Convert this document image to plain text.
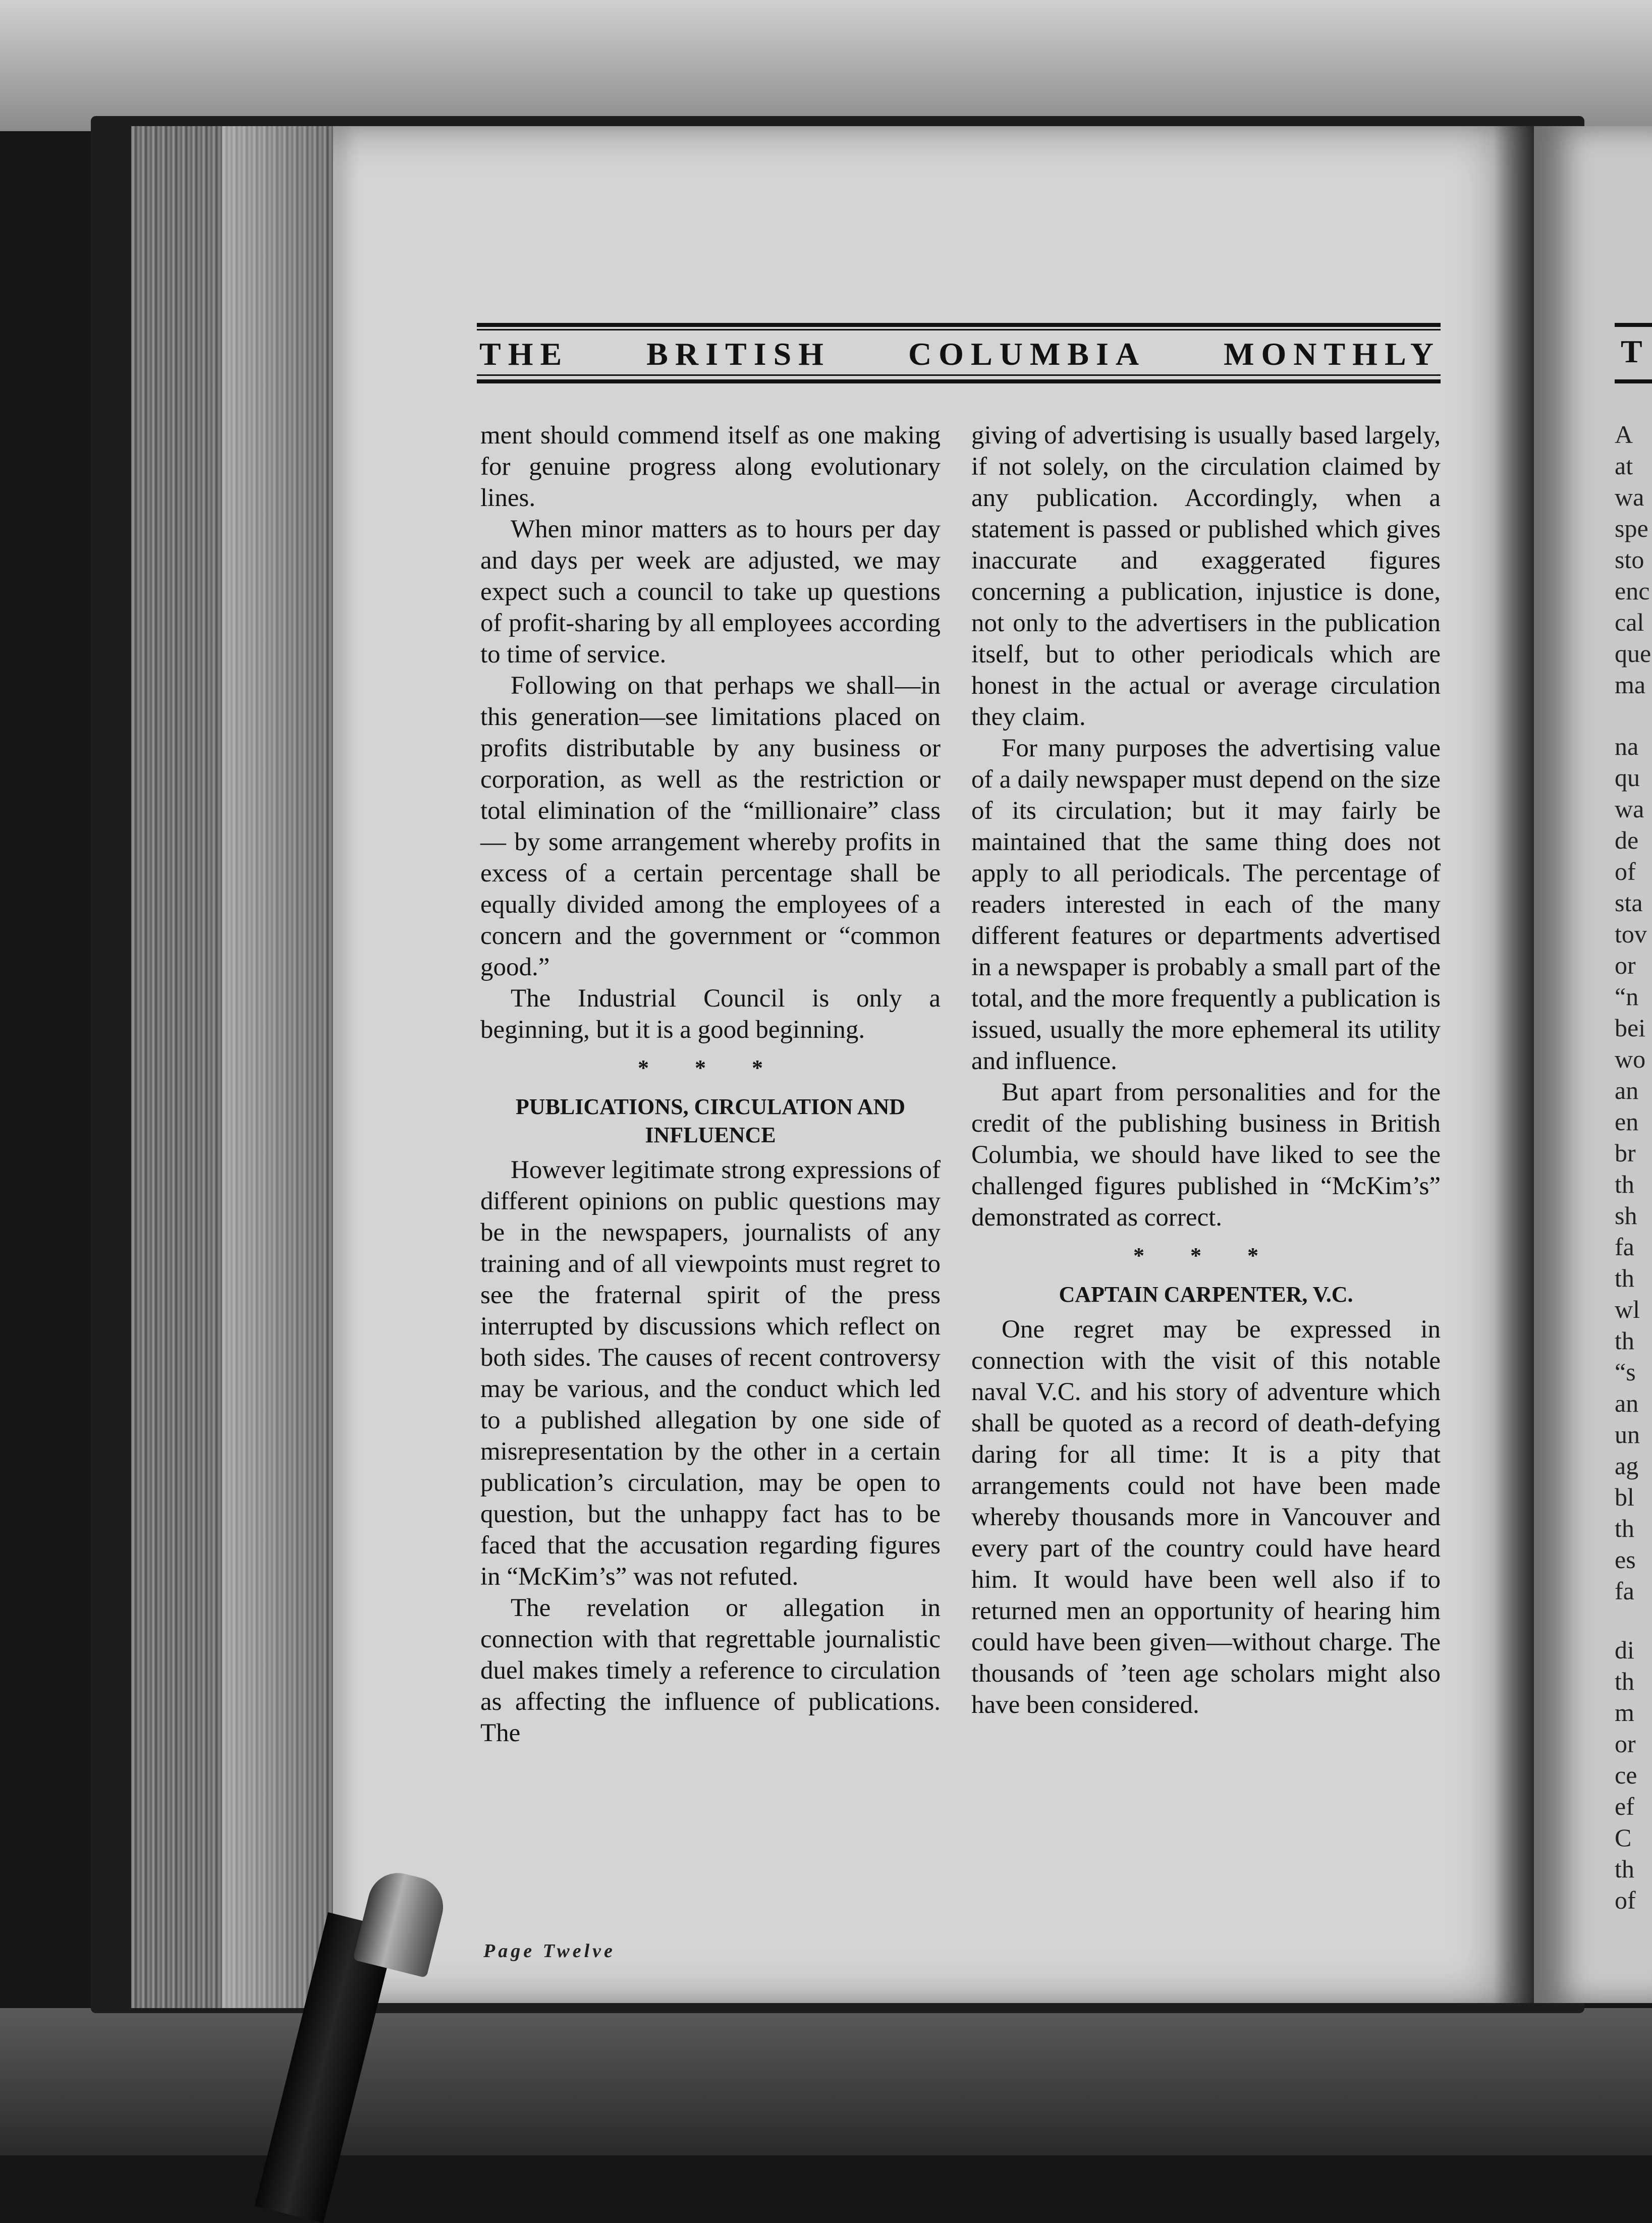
T
A
at
wa
spe
sto
enc
cal
que
ma
na
qu
wa
de
of
sta
tov
or
“n
bei
wo
an
en
br
th
sh
fa
th
wl
th
“s
an
un
ag
bl
th
es
fa
di
th
m
or
ce
ef
C
th
of
THE BRITISH COLUMBIA MONTHLY

ment should commend itself as one making for genuine progress along evolutionary lines.

When minor matters as to hours per day and days per week are adjusted, we may expect such a council to take up questions of profit-sharing by all employees according to time of service.

Following on that perhaps we shall—in this generation—see limitations placed on profits distributable by any business or corporation, as well as the restriction or total elimination of the “millionaire” class — by some arrangement whereby profits in excess of a certain percentage shall be equally divided among the employees of a concern and the government or “common good.”

The Industrial Council is only a beginning, but it is a good beginning.

* * *
PUBLICATIONS, CIRCULATION AND INFLUENCE

However legitimate strong expressions of different opinions on public questions may be in the newspapers, journalists of any training and of all viewpoints must regret to see the fraternal spirit of the press interrupted by discussions which reflect on both sides. The causes of recent controversy may be various, and the conduct which led to a published allegation by one side of misrepresentation by the other in a certain publication’s circulation, may be open to question, but the unhappy fact has to be faced that the accusation regarding figures in “McKim’s” was not refuted.

The revelation or allegation in connection with that regrettable journalistic duel makes timely a reference to circulation as affecting the influence of publications. The

giving of advertising is usually based largely, if not solely, on the circulation claimed by any publication. Accordingly, when a statement is passed or published which gives inaccurate and exaggerated figures concerning a publication, injustice is done, not only to the advertisers in the publication itself, but to other periodicals which are honest in the actual or average circulation they claim.

For many purposes the advertising value of a daily newspaper must depend on the size of its circulation; but it may fairly be maintained that the same thing does not apply to all periodicals. The percentage of readers interested in each of the many different features or departments advertised in a newspaper is probably a small part of the total, and the more frequently a publication is issued, usually the more ephemeral its utility and influence.

But apart from personalities and for the credit of the publishing business in British Columbia, we should have liked to see the challenged figures published in “McKim’s” demonstrated as correct.

* * *
CAPTAIN CARPENTER, V.C.

One regret may be expressed in connection with the visit of this notable naval V.C. and his story of adventure which shall be quoted as a record of death-defying daring for all time: It is a pity that arrangements could not have been made whereby thousands more in Vancouver and every part of the country could have heard him. It would have been well also if to returned men an opportunity of hearing him could have been given—without charge. The thousands of ’teen age scholars might also have been considered.

Page Twelve
